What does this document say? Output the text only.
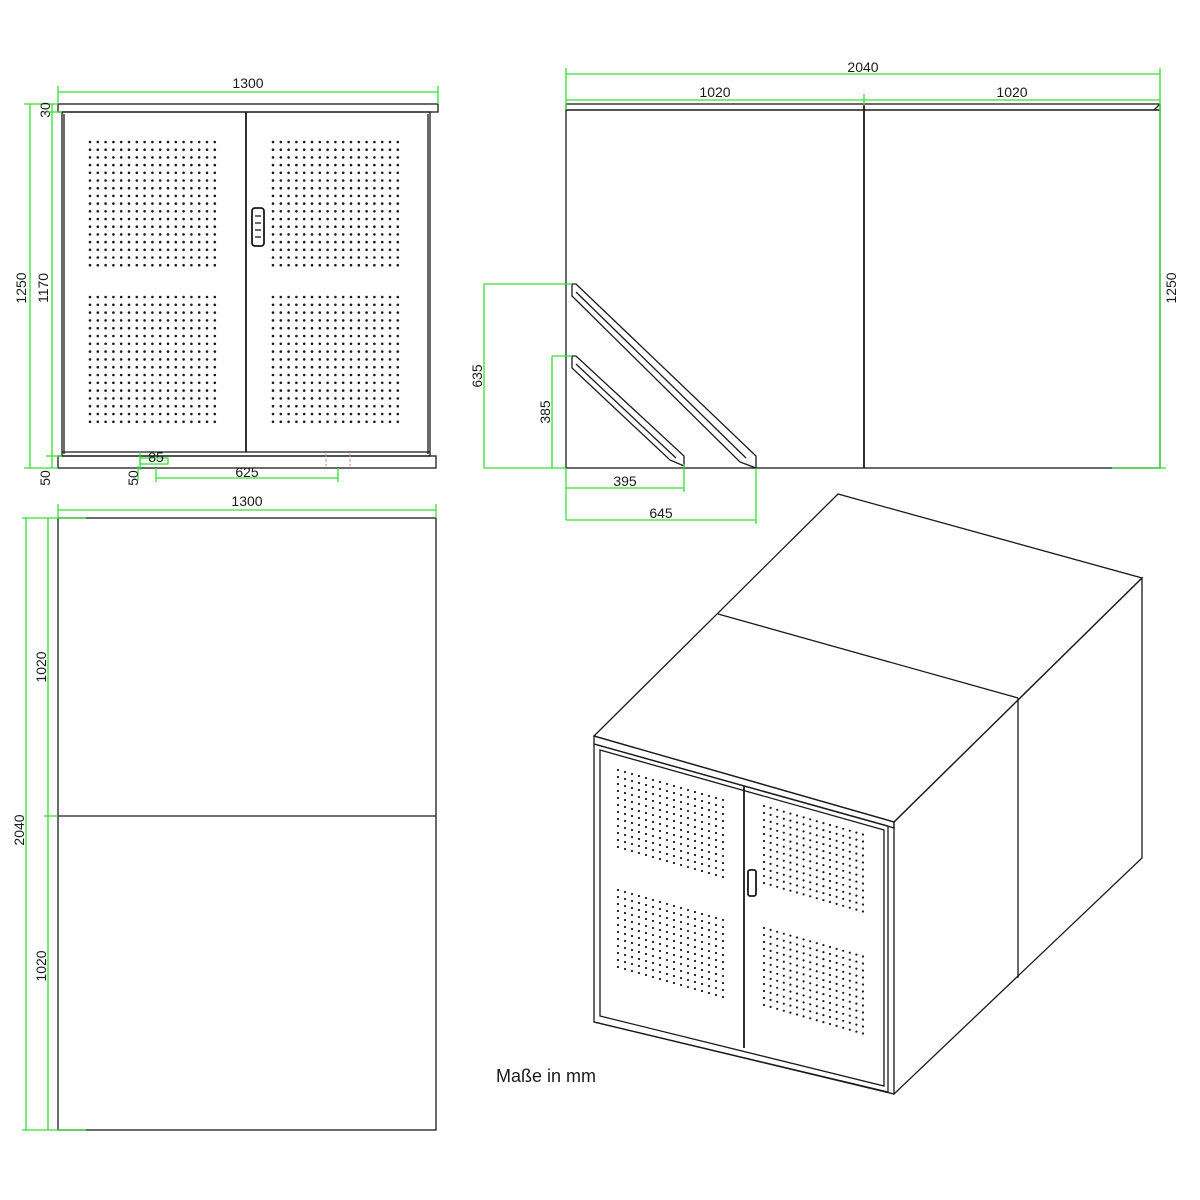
1300
1250
30
1170
50
85
50	625
2040
1020	1020
1250
635
385
395
645
1300
2040
1020
1020
Maße in mm
